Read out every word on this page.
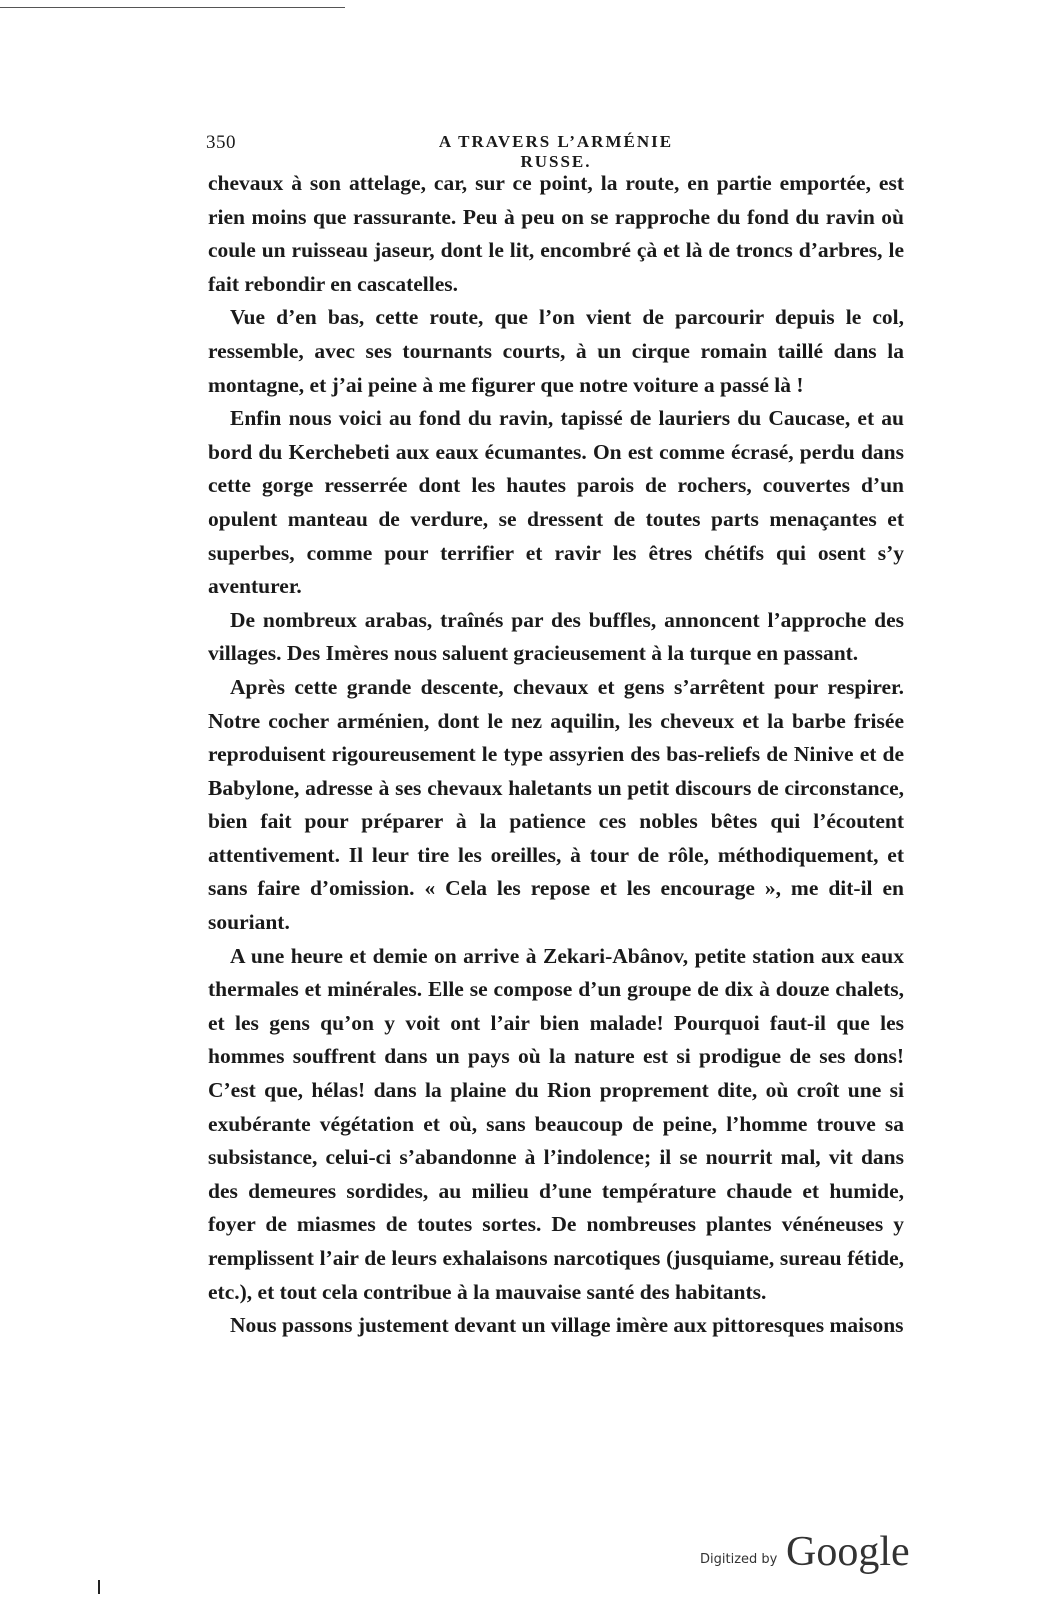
350	A TRAVERS L’ARMÉNIE RUSSE.

chevaux à son attelage, car, sur ce point, la route, en partie emportée, est rien moins que rassurante. Peu à peu on se rapproche du fond du ravin où coule un ruisseau jaseur, dont le lit, encombré çà et là de troncs d’arbres, le fait rebondir en cascatelles.

Vue d’en bas, cette route, que l’on vient de parcourir depuis le col, ressemble, avec ses tournants courts, à un cirque romain taillé dans la montagne, et j’ai peine à me figurer que notre voiture a passé là !

Enfin nous voici au fond du ravin, tapissé de lauriers du Caucase, et au bord du Kerchebeti aux eaux écumantes. On est comme écrasé, perdu dans cette gorge resserrée dont les hautes parois de rochers, couvertes d’un opulent manteau de verdure, se dressent de toutes parts menaçantes et superbes, comme pour terrifier et ravir les êtres chétifs qui osent s’y aventurer.

De nombreux arabas, traînés par des buffles, annoncent l’approche des villages. Des Imères nous saluent gracieusement à la turque en passant.

Après cette grande descente, chevaux et gens s’arrêtent pour respirer. Notre cocher arménien, dont le nez aquilin, les cheveux et la barbe frisée reproduisent rigoureusement le type assyrien des bas-reliefs de Ninive et de Babylone, adresse à ses chevaux haletants un petit discours de circonstance, bien fait pour préparer à la patience ces nobles bêtes qui l’écoutent attentivement. Il leur tire les oreilles, à tour de rôle, méthodiquement, et sans faire d’omission. « Cela les repose et les encourage », me dit-il en souriant.

A une heure et demie on arrive à Zekari-Abânov, petite station aux eaux thermales et minérales. Elle se compose d’un groupe de dix à douze chalets, et les gens qu’on y voit ont l’air bien malade! Pourquoi faut-il que les hommes souffrent dans un pays où la nature est si prodigue de ses dons! C’est que, hélas! dans la plaine du Rion proprement dite, où croît une si exubérante végétation et où, sans beaucoup de peine, l’homme trouve sa subsistance, celui-ci s’abandonne à l’indolence; il se nourrit mal, vit dans des demeures sordides, au milieu d’une température chaude et humide, foyer de miasmes de toutes sortes. De nombreuses plantes vénéneuses y remplissent l’air de leurs exhalaisons narcotiques (jusquiame, sureau fétide, etc.), et tout cela contribue à la mauvaise santé des habitants.

Nous passons justement devant un village imère aux pittoresques maisons

Digitized by Google
